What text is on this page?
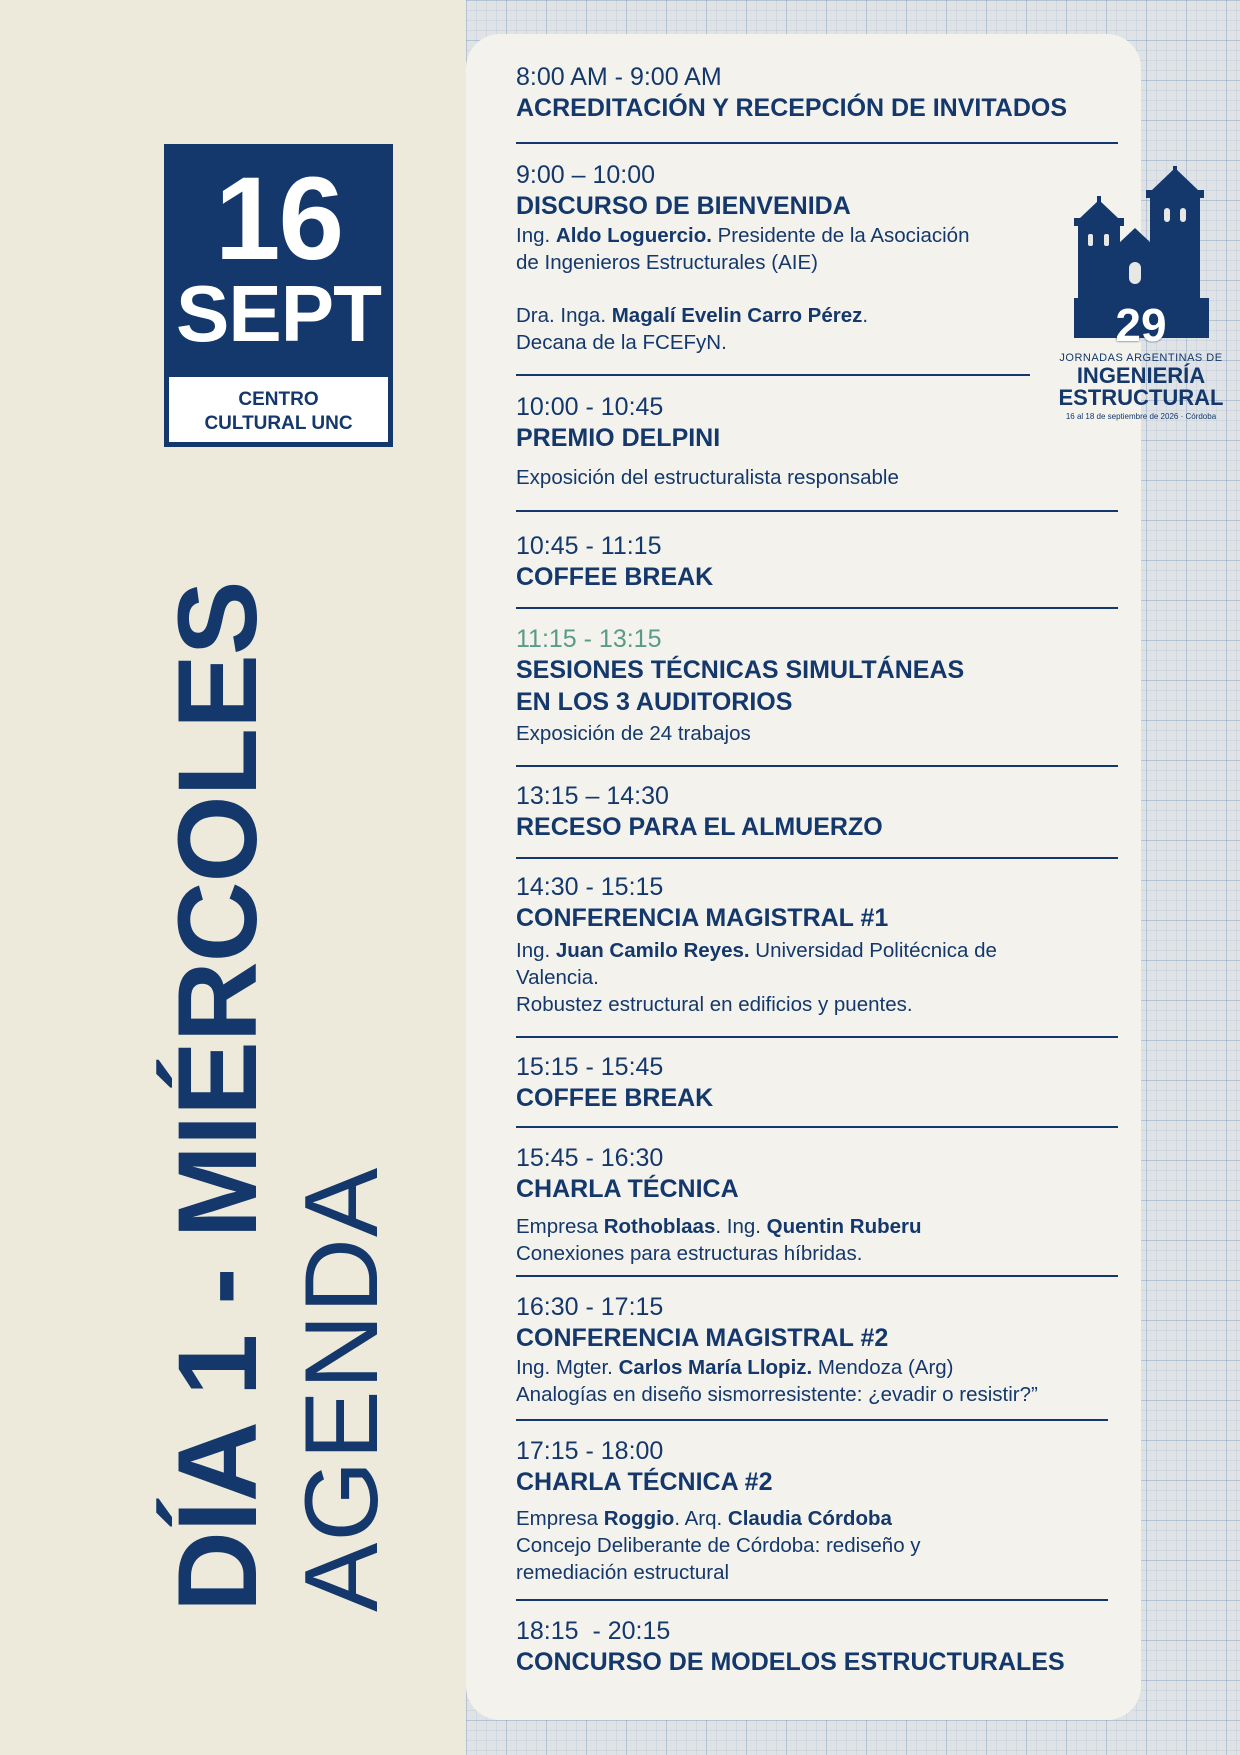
16
SEPT
CENTRO
CULTURAL UNC
DÍA 1 - MIÉRCOLES AGENDA
29
JORNADAS ARGENTINAS DE
INGENIERÍA
ESTRUCTURAL
16 al 18 de septiembre de 2026 · Córdoba
8:00 AM - 9:00 AM
ACREDITACIÓN Y RECEPCIÓN DE INVITADOS
9:00 – 10:00
DISCURSO DE BIENVENIDA
Ing. Aldo Loguercio. Presidente de la Asociación
de Ingenieros Estructurales (AIE)
Dra. Inga. Magalí Evelin Carro Pérez.
Decana de la FCEFyN.
10:00 - 10:45
PREMIO DELPINI
Exposición del estructuralista responsable
10:45 - 11:15
COFFEE BREAK
11:15 - 13:15
SESIONES TÉCNICAS SIMULTÁNEAS
EN LOS 3 AUDITORIOS
Exposición de 24 trabajos
13:15 – 14:30
RECESO PARA EL ALMUERZO
14:30 - 15:15
CONFERENCIA MAGISTRAL #1
Ing. Juan Camilo Reyes. Universidad Politécnica de
Valencia.
Robustez estructural en edificios y puentes.
15:15 - 15:45
COFFEE BREAK
15:45 - 16:30
CHARLA TÉCNICA
Empresa Rothoblaas. Ing. Quentin Ruberu
Conexiones para estructuras híbridas.
16:30 - 17:15
CONFERENCIA MAGISTRAL #2
Ing. Mgter. Carlos María Llopiz. Mendoza (Arg)
Analogías en diseño sismorresistente: ¿evadir o resistir?”
17:15 - 18:00
CHARLA TÉCNICA #2
Empresa Roggio. Arq. Claudia Córdoba
Concejo Deliberante de Córdoba: rediseño y
remediación estructural
18:15  - 20:15
CONCURSO DE MODELOS ESTRUCTURALES
